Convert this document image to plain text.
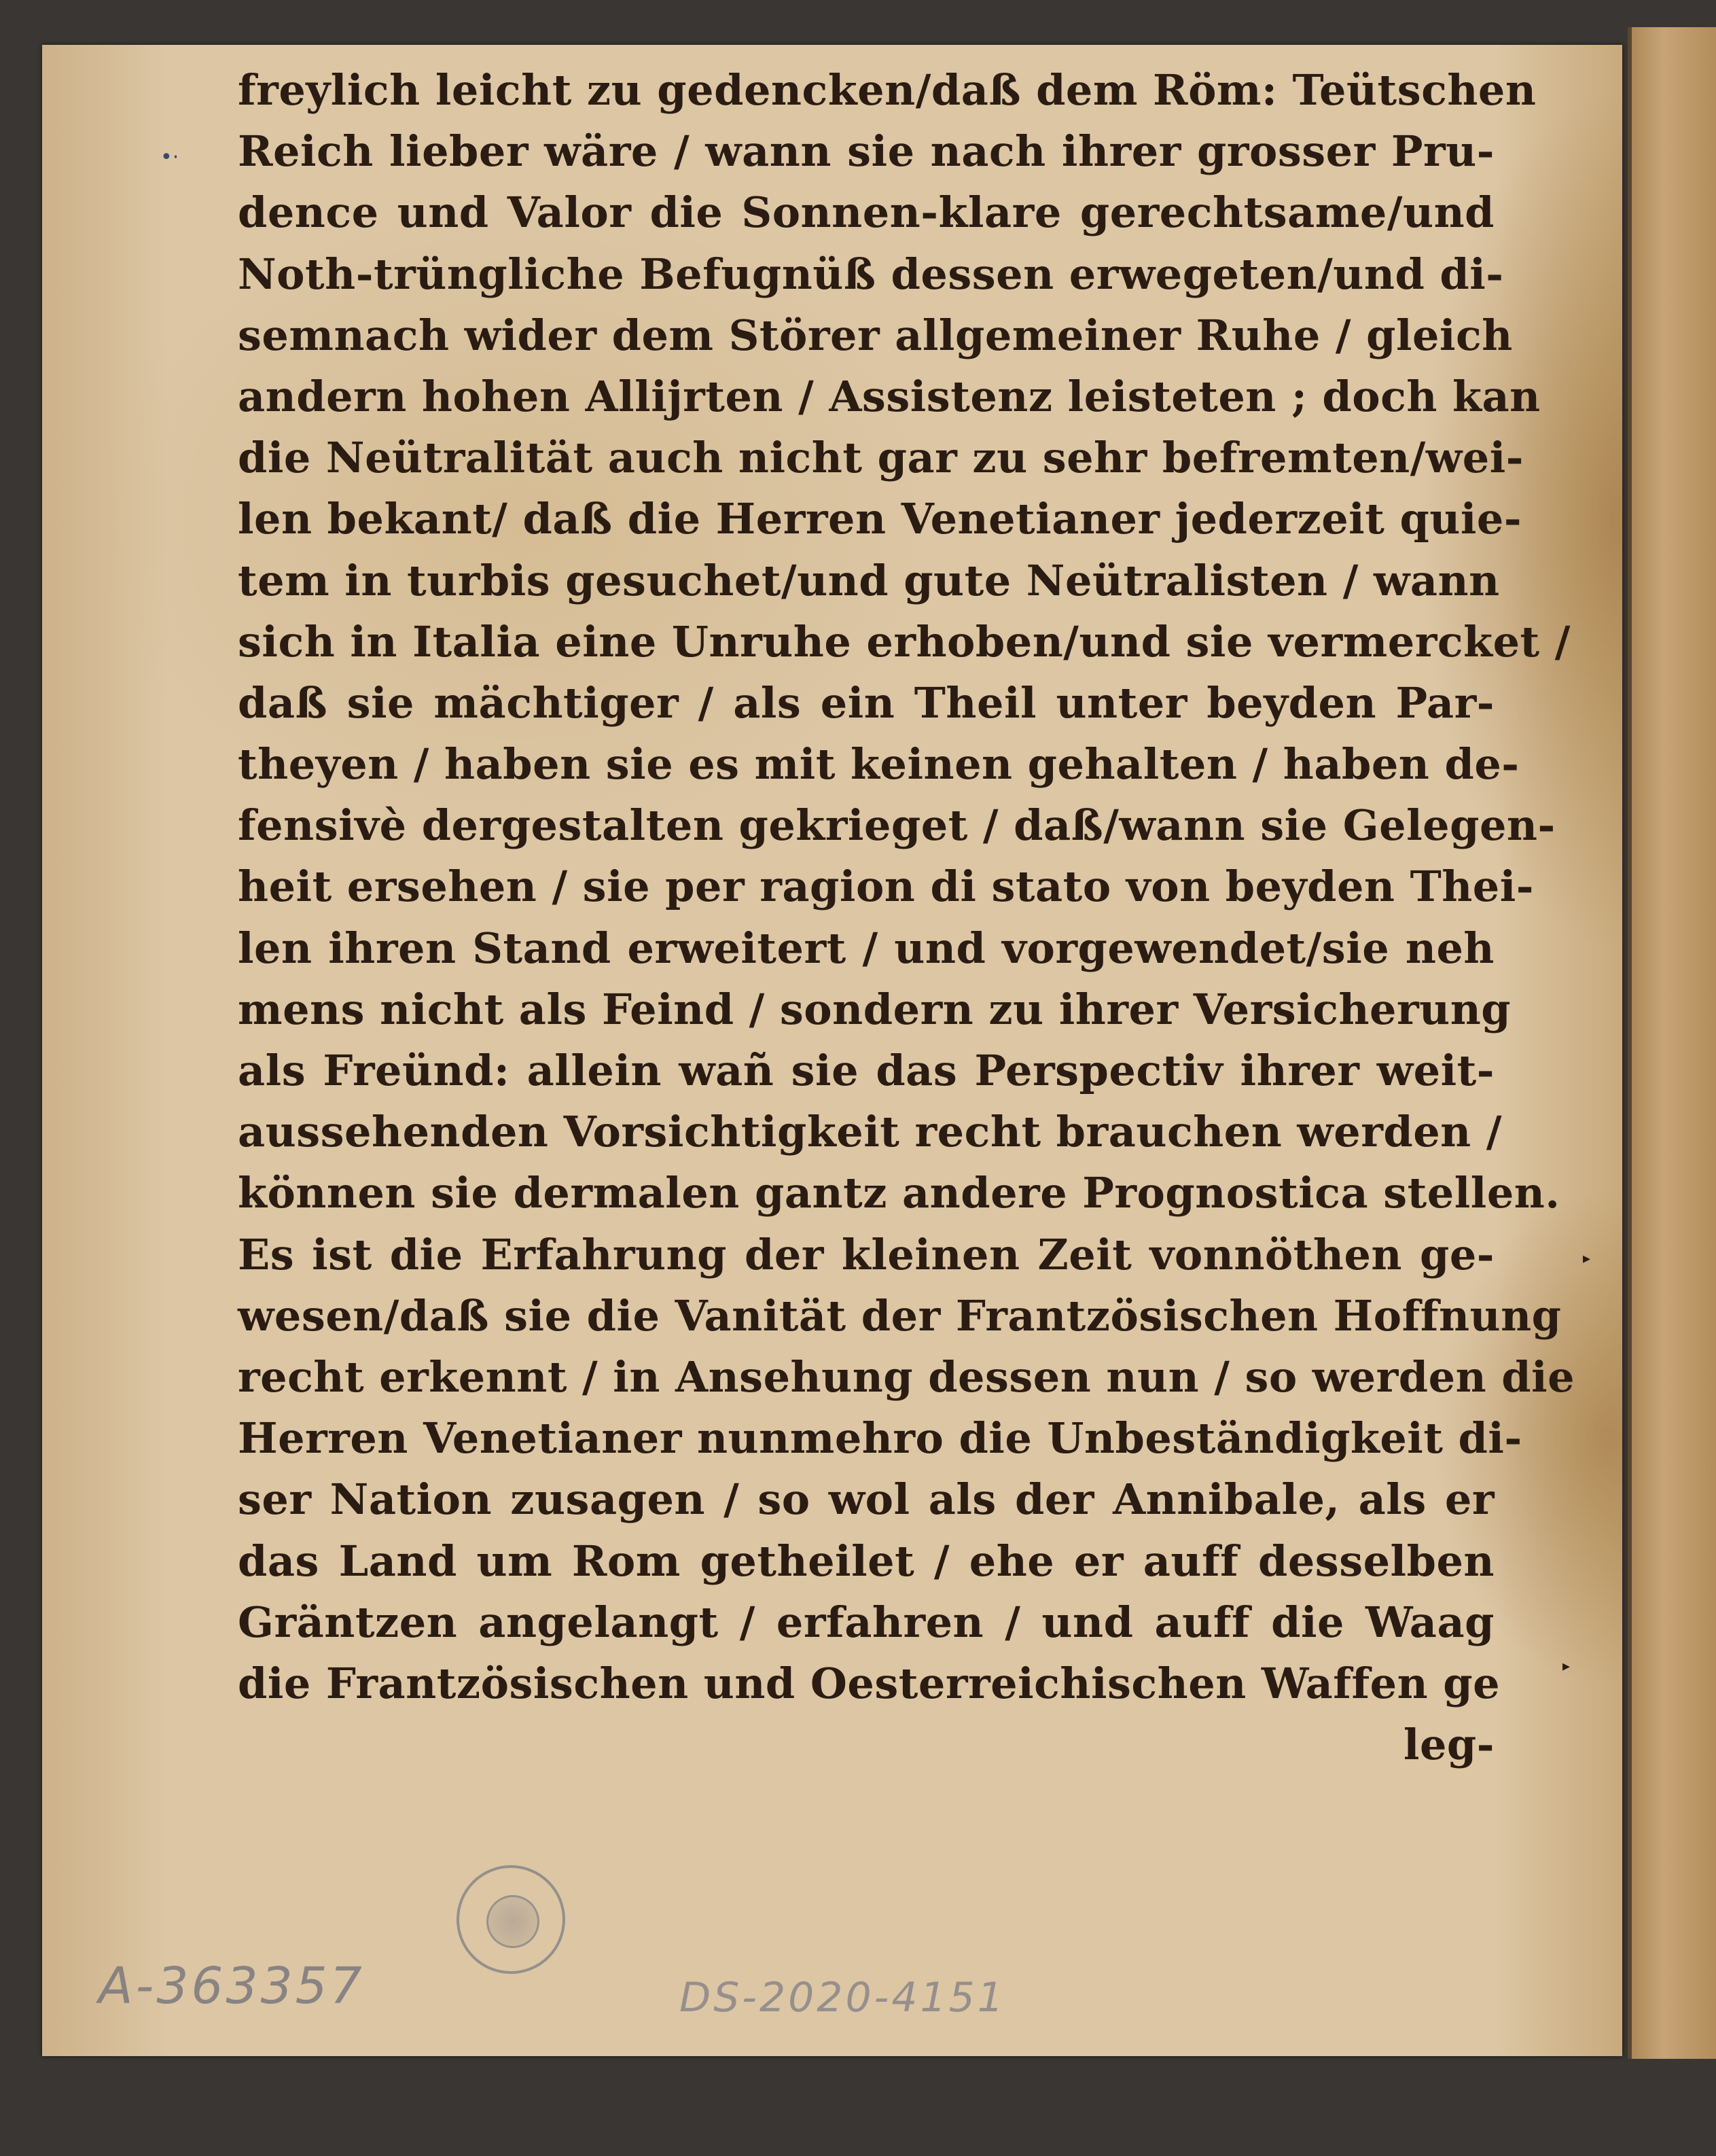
freylich leicht zu gedencken/daß dem Röm: Teütschen
Reich lieber wäre / wann sie nach ihrer grosser Pru-
dence und Valor die Sonnen-klare gerechtsame/und
Noth-trüngliche Befugnüß dessen erwegeten/und di-
semnach wider dem Störer allgemeiner Ruhe / gleich
andern hohen Allijrten / Assistenz leisteten ; doch kan
die Neütralität auch nicht gar zu sehr befremten/wei-
len bekant/ daß die Herren Venetianer jederzeit quie-
tem in turbis gesuchet/und gute Neütralisten / wann
sich in Italia eine Unruhe erhoben/und sie vermercket /
daß sie mächtiger / als ein Theil unter beyden Par-
theyen / haben sie es mit keinen gehalten / haben de-
fensivè dergestalten gekrieget / daß/wann sie Gelegen-
heit ersehen / sie per ragion di stato von beyden Thei-
len ihren Stand erweitert / und vorgewendet/sie neh
mens nicht als Feind / sondern zu ihrer Versicherung
als Freünd: allein wañ sie das Perspectiv ihrer weit-
aussehenden Vorsichtigkeit recht brauchen werden /
können sie dermalen gantz andere Prognostica stellen.
Es ist die Erfahrung der kleinen Zeit vonnöthen ge-
wesen/daß sie die Vanität der Frantzösischen Hoffnung
recht erkennt / in Ansehung dessen nun / so werden die
Herren Venetianer nunmehro die Unbeständigkeit di-
ser Nation zusagen / so wol als der Annibale, als er
das Land um Rom getheilet / ehe er auff desselben
Gräntzen angelangt / erfahren / und auff die Waag
die Frantzösischen und Oesterreichischen Waffen ge
leg-
•·
▸
▸
A-363357	DS-2020-4151
